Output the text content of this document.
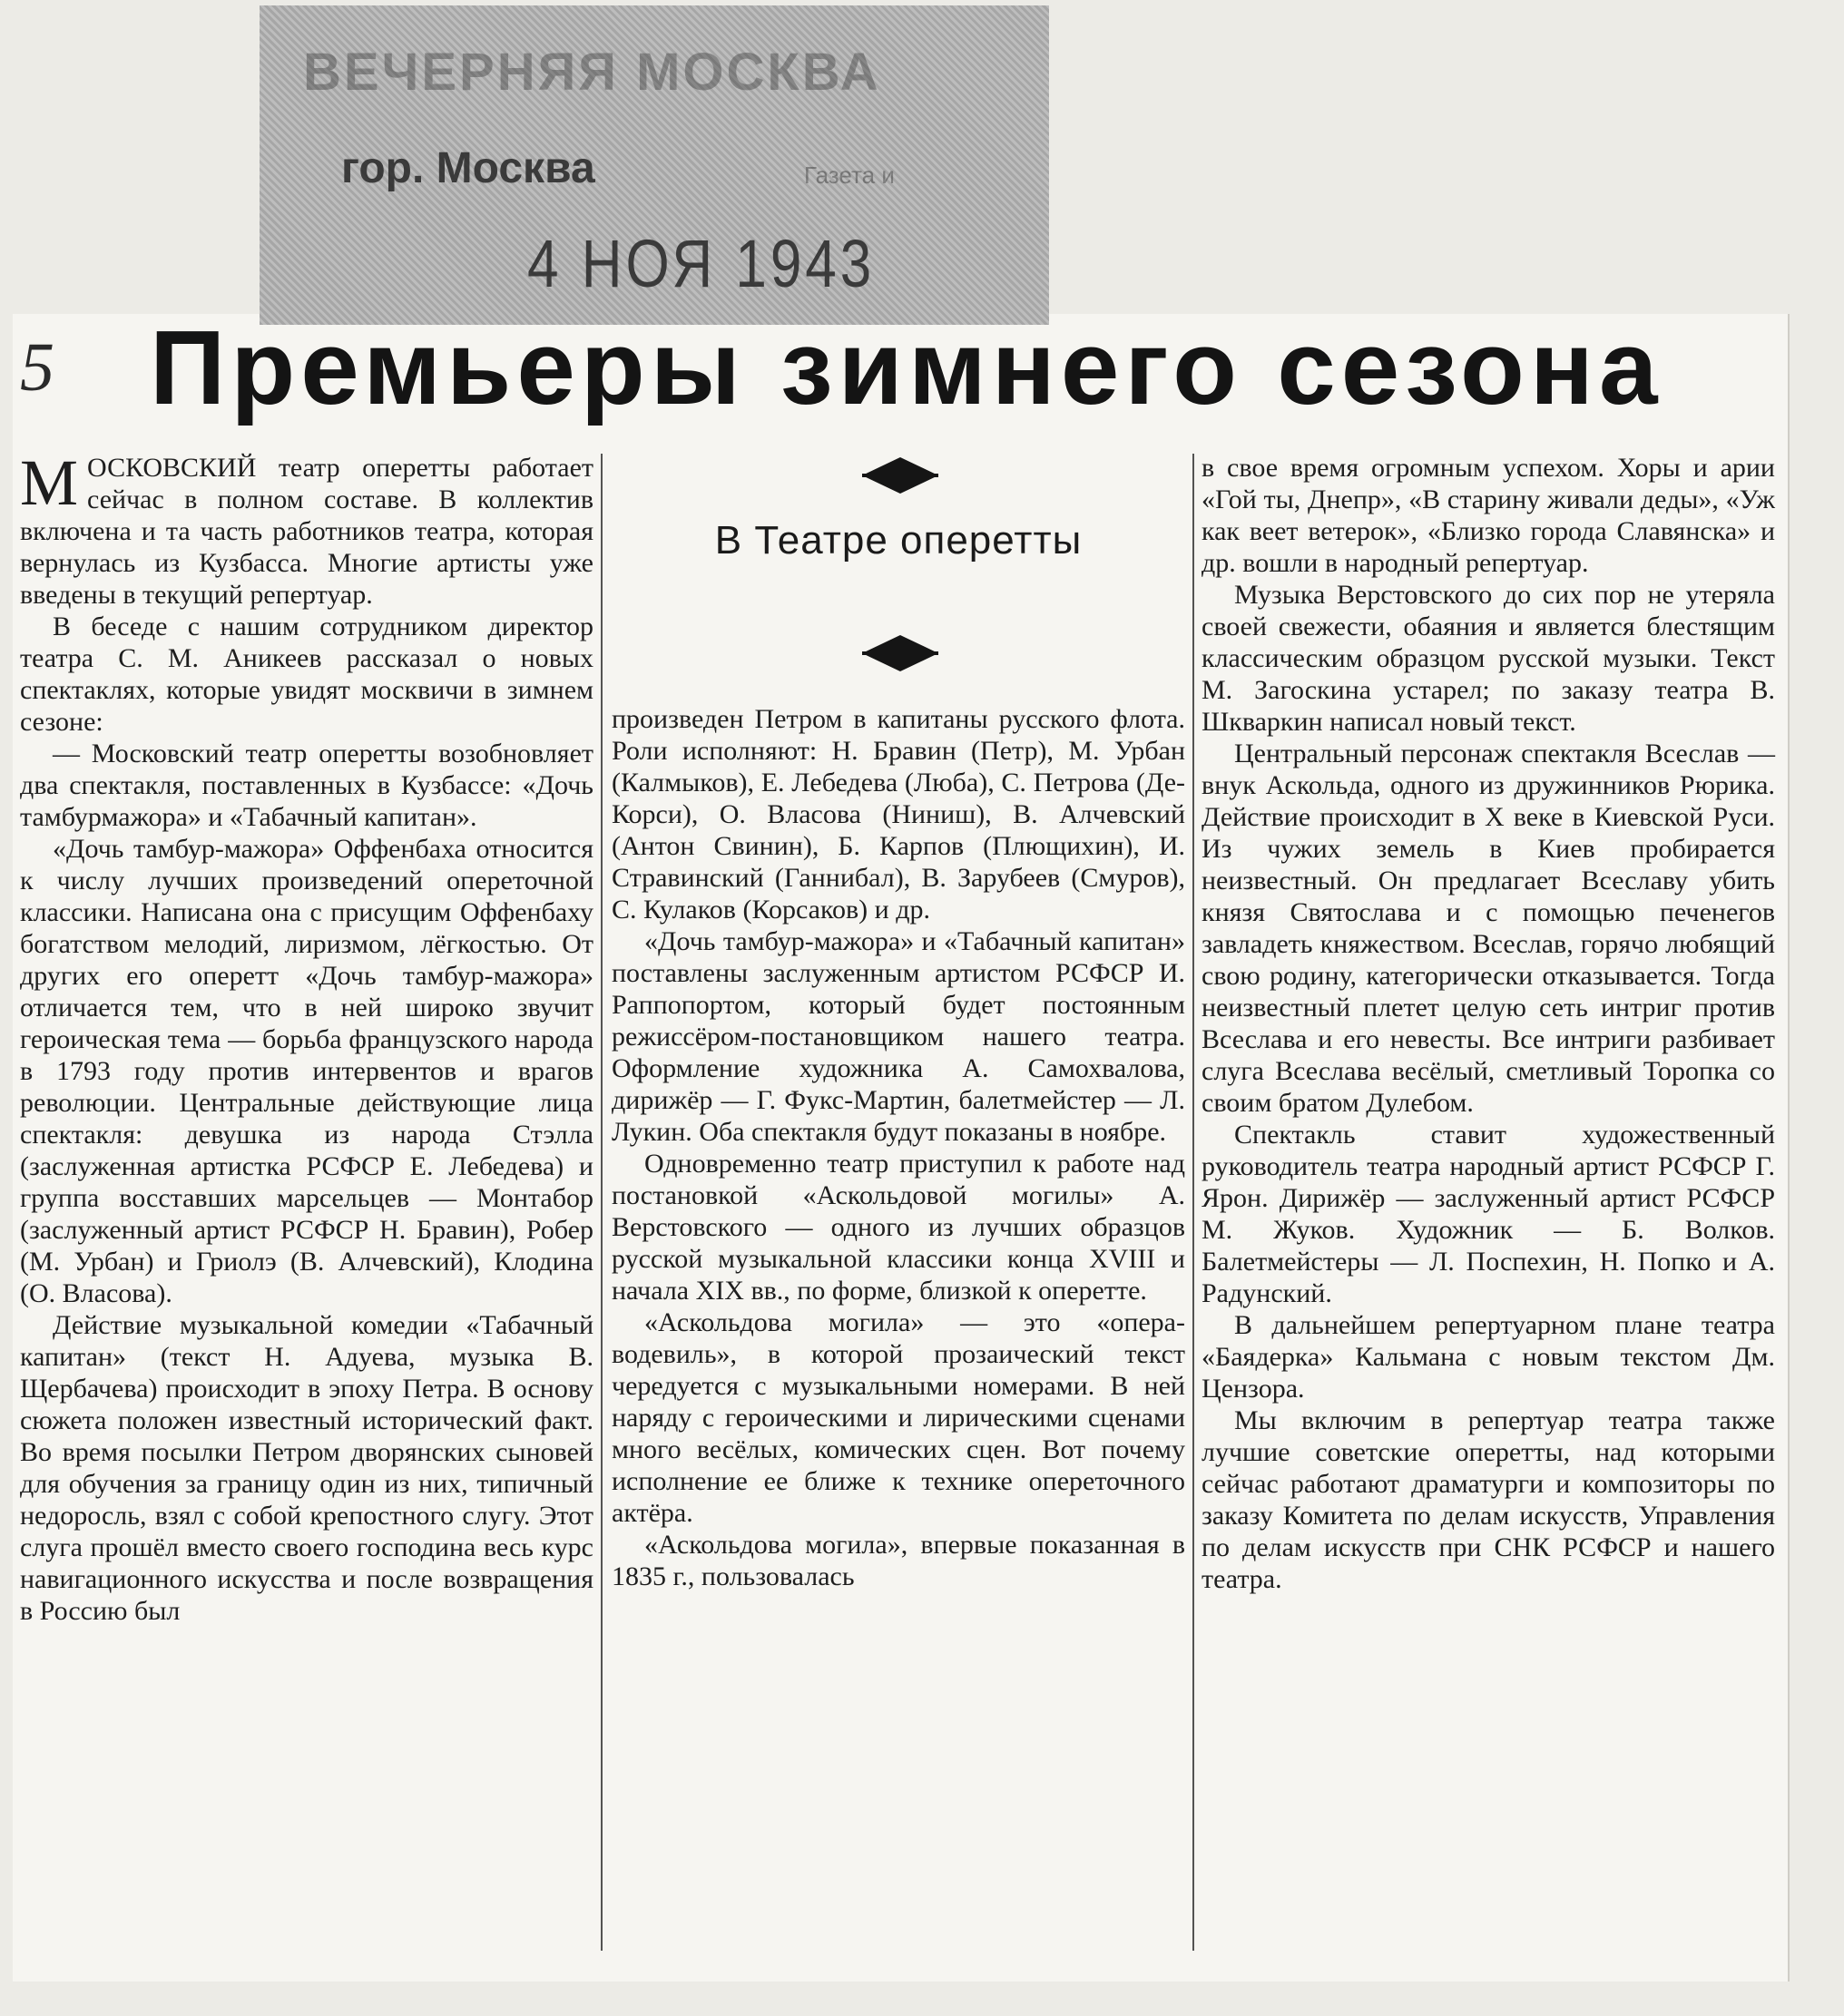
ВЕЧЕРНЯЯ МОСКВА
гор. Москва	Газета и
4 НОЯ 1943
5 Премьеры зимнего сезона

МОСКОВСКИЙ театр оперетты работает сейчас в полном составе. В коллектив включена и та часть работников театра, которая вернулась из Кузбасса. Многие артисты уже введены в текущий репертуар.

В беседе с нашим сотрудником директор театра С. М. Аникеев рассказал о новых спектаклях, которые увидят москвичи в зимнем сезоне:

— Московский театр оперетты возобновляет два спектакля, поставленных в Кузбассе: «Дочь тамбурмажора» и «Табачный капитан».

«Дочь тамбур-мажора» Оффенбаха относится к числу лучших произведений опереточной классики. Написана она с присущим Оффенбаху богатством мелодий, лиризмом, лёгкостью. От других его оперетт «Дочь тамбур-мажора» отличается тем, что в ней широко звучит героическая тема — борьба французского народа в 1793 году против интервентов и врагов революции. Центральные действующие лица спектакля: девушка из народа Стэлла (заслуженная артистка РСФСР Е. Лебедева) и группа восставших марсельцев — Монтабор (заслуженный артист РСФСР Н. Бравин), Робер (М. Урбан) и Гриолэ (В. Алчевский), Клодина (О. Власова).

Действие музыкальной комедии «Табачный капитан» (текст Н. Адуева, музыка В. Щербачева) происходит в эпоху Петра. В основу сюжета положен известный исторический факт. Во время посылки Петром дворянских сыновей для обучения за границу один из них, типичный недоросль, взял с собой крепостного слугу. Этот слуга прошёл вместо своего господина весь курс навигационного искусства и после возвращения в Россию был

В Театре оперетты

произведен Петром в капитаны русского флота. Роли исполняют: Н. Бравин (Петр), М. Урбан (Калмыков), Е. Лебедева (Люба), С. Петрова (Де-Корси), О. Власова (Ниниш), В. Алчевский (Антон Свинин), Б. Карпов (Плющихин), И. Стравинский (Ганнибал), В. Зарубеев (Смуров), С. Кулаков (Корсаков) и др.

«Дочь тамбур-мажора» и «Табачный капитан» поставлены заслуженным артистом РСФСР И. Раппопортом, который будет постоянным режиссёром-постановщиком нашего театра. Оформление художника А. Самохвалова, дирижёр — Г. Фукс-Мартин, балетмейстер — Л. Лукин. Оба спектакля будут показаны в ноябре.

Одновременно театр приступил к работе над постановкой «Аскольдовой могилы» А. Верстовского — одного из лучших образцов русской музыкальной классики конца XVIII и начала XIX вв., по форме, близкой к оперетте.

«Аскольдова могила» — это «опера-водевиль», в которой прозаический текст чередуется с музыкальными номерами. В ней наряду с героическими и лирическими сценами много весёлых, комических сцен. Вот почему исполнение ее ближе к технике опереточного актёра.

«Аскольдова могила», впервые показанная в 1835 г., пользовалась

в свое время огромным успехом. Хоры и арии «Гой ты, Днепр», «В старину живали деды», «Уж как веет ветерок», «Близко города Славянска» и др. вошли в народный репертуар.

Музыка Верстовского до сих пор не утеряла своей свежести, обаяния и является блестящим классическим образцом русской музыки. Текст М. Загоскина устарел; по заказу театра В. Шкваркин написал новый текст.

Центральный персонаж спектакля Всеслав — внук Аскольда, одного из дружинников Рюрика. Действие происходит в X веке в Киевской Руси. Из чужих земель в Киев пробирается неизвестный. Он предлагает Всеславу убить князя Святослава и с помощью печенегов завладеть княжеством. Всеслав, горячо любящий свою родину, категорически отказывается. Тогда неизвестный плетет целую сеть интриг против Всеслава и его невесты. Все интриги разбивает слуга Всеслава весёлый, сметливый Торопка со своим братом Дулебом.

Спектакль ставит художественный руководитель театра народный артист РСФСР Г. Ярон. Дирижёр — заслуженный артист РСФСР М. Жуков. Художник — Б. Волков. Балетмейстеры — Л. Поспехин, Н. Попко и А. Радунский.

В дальнейшем репертуарном плане театра «Баядерка» Кальмана с новым текстом Дм. Цензора.

Мы включим в репертуар театра также лучшие советские оперетты, над которыми сейчас работают драматурги и композиторы по заказу Комитета по делам искусств, Управления по делам искусств при СНК РСФСР и нашего театра.
